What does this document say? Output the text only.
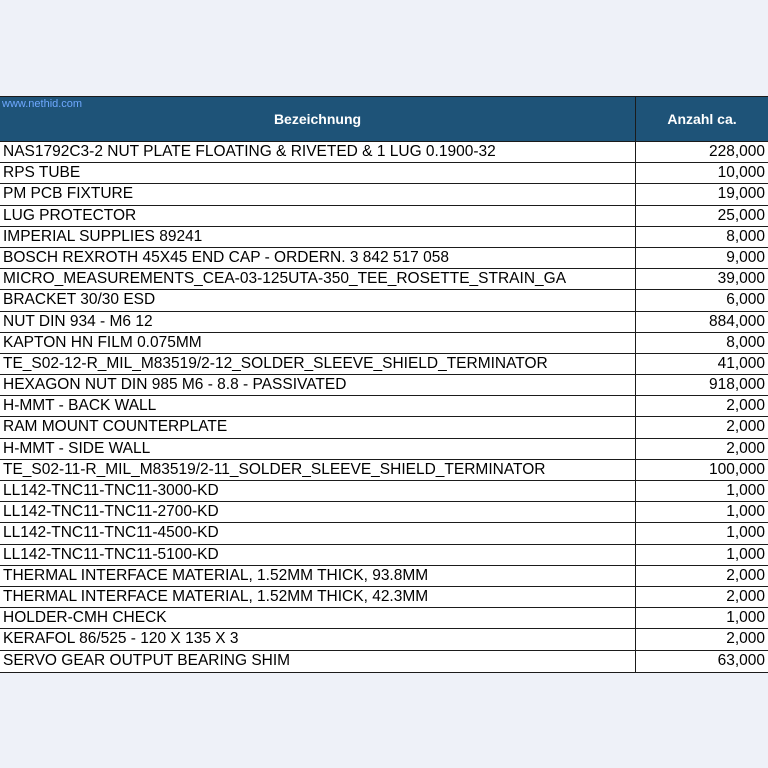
www.nethid.com
Bezeichnung	Anzahl ca.
NAS1792C3-2 NUT PLATE FLOATING & RIVETED & 1 LUG 0.1900-32	228,000
RPS TUBE	10,000
PM PCB FIXTURE	19,000
LUG PROTECTOR	25,000
IMPERIAL SUPPLIES 89241	8,000
BOSCH REXROTH 45X45 END CAP - ORDERN. 3 842 517 058	9,000
MICRO_MEASUREMENTS_CEA-03-125UTA-350_TEE_ROSETTE_STRAIN_GA	39,000
BRACKET 30/30 ESD	6,000
NUT DIN 934 - M6 12	884,000
KAPTON HN FILM 0.075MM	8,000
TE_S02-12-R_MIL_M83519/2-12_SOLDER_SLEEVE_SHIELD_TERMINATOR	41,000
HEXAGON NUT DIN 985 M6 - 8.8 - PASSIVATED	918,000
H-MMT - BACK WALL	2,000
RAM MOUNT COUNTERPLATE	2,000
H-MMT - SIDE WALL	2,000
TE_S02-11-R_MIL_M83519/2-11_SOLDER_SLEEVE_SHIELD_TERMINATOR	100,000
LL142-TNC11-TNC11-3000-KD	1,000
LL142-TNC11-TNC11-2700-KD	1,000
LL142-TNC11-TNC11-4500-KD	1,000
LL142-TNC11-TNC11-5100-KD	1,000
THERMAL INTERFACE MATERIAL, 1.52MM THICK, 93.8MM	2,000
THERMAL INTERFACE MATERIAL, 1.52MM THICK, 42.3MM	2,000
HOLDER-CMH CHECK	1,000
KERAFOL 86/525 - 120 X 135 X 3	2,000
SERVO GEAR OUTPUT BEARING SHIM	63,000
